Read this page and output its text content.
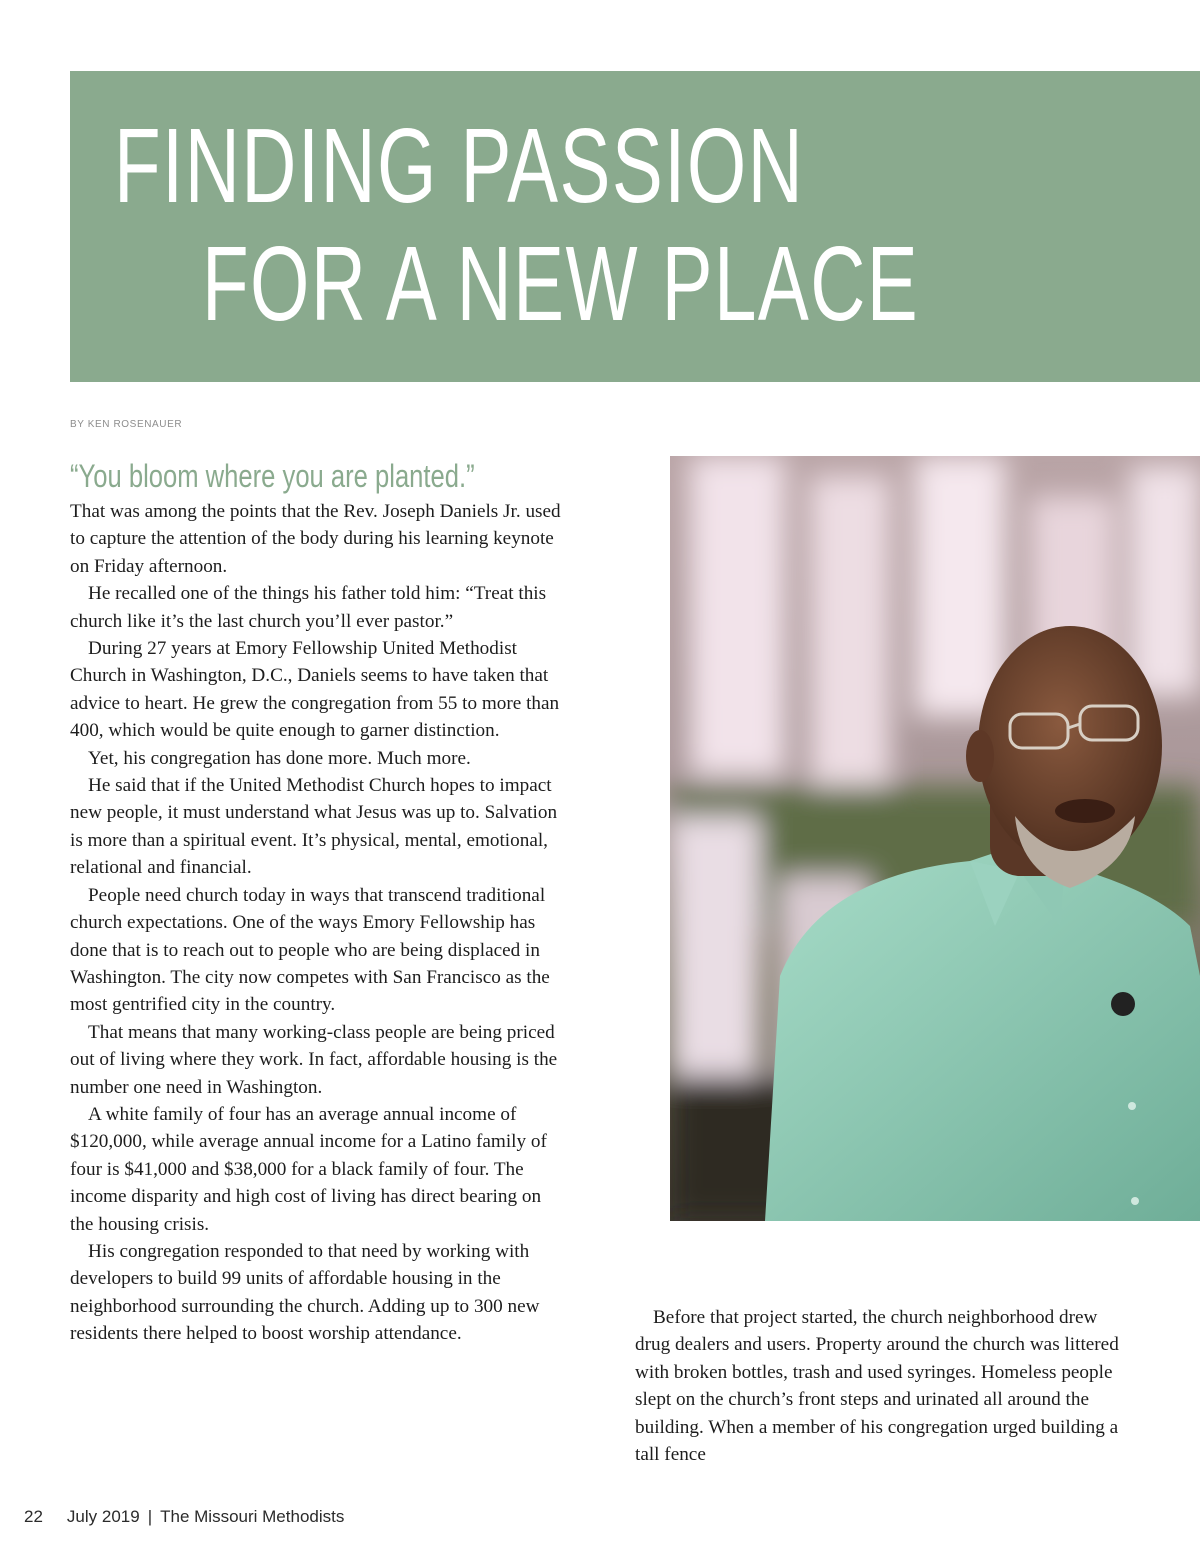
FINDING PASSION
FOR A NEW PLACE
BY KEN ROSENAUER
“You bloom where you are planted.”

That was among the points that the Rev. Joseph Daniels Jr. used to capture the attention of the body during his learning keynote on Friday afternoon.

He recalled one of the things his father told him: “Treat this church like it’s the last church you’ll ever pastor.”

During 27 years at Emory Fellowship United Methodist Church in Washington, D.C., Daniels seems to have taken that advice to heart. He grew the congregation from 55 to more than 400, which would be quite enough to garner distinction.

Yet, his congregation has done more. Much more.

He said that if the United Methodist Church hopes to impact new people, it must understand what Jesus was up to. Salvation is more than a spiritual event. It’s physical, mental, emotional, relational and financial.

People need church today in ways that transcend traditional church expectations. One of the ways Emory Fellowship has done that is to reach out to people who are being displaced in Washington. The city now competes with San Francisco as the most gentrified city in the country.

That means that many working-class people are being priced out of living where they work. In fact, affordable housing is the number one need in Washington.

A white family of four has an average annual income of $120,000, while average annual income for a Latino family of four is $41,000 and $38,000 for a black family of four. The income disparity and high cost of living has direct bearing on the housing crisis.

His congregation responded to that need by working with developers to build 99 units of affordable housing in the neighborhood surrounding the church. Adding up to 300 new residents there helped to boost worship attendance.

Before that project started, the church neighborhood drew drug dealers and users. Property around the church was littered with broken bottles, trash and used syringes. Homeless people slept on the church’s front steps and urinated all around the building. When a member of his congregation urged building a tall fence

22 July 2019 | The Missouri Methodists
